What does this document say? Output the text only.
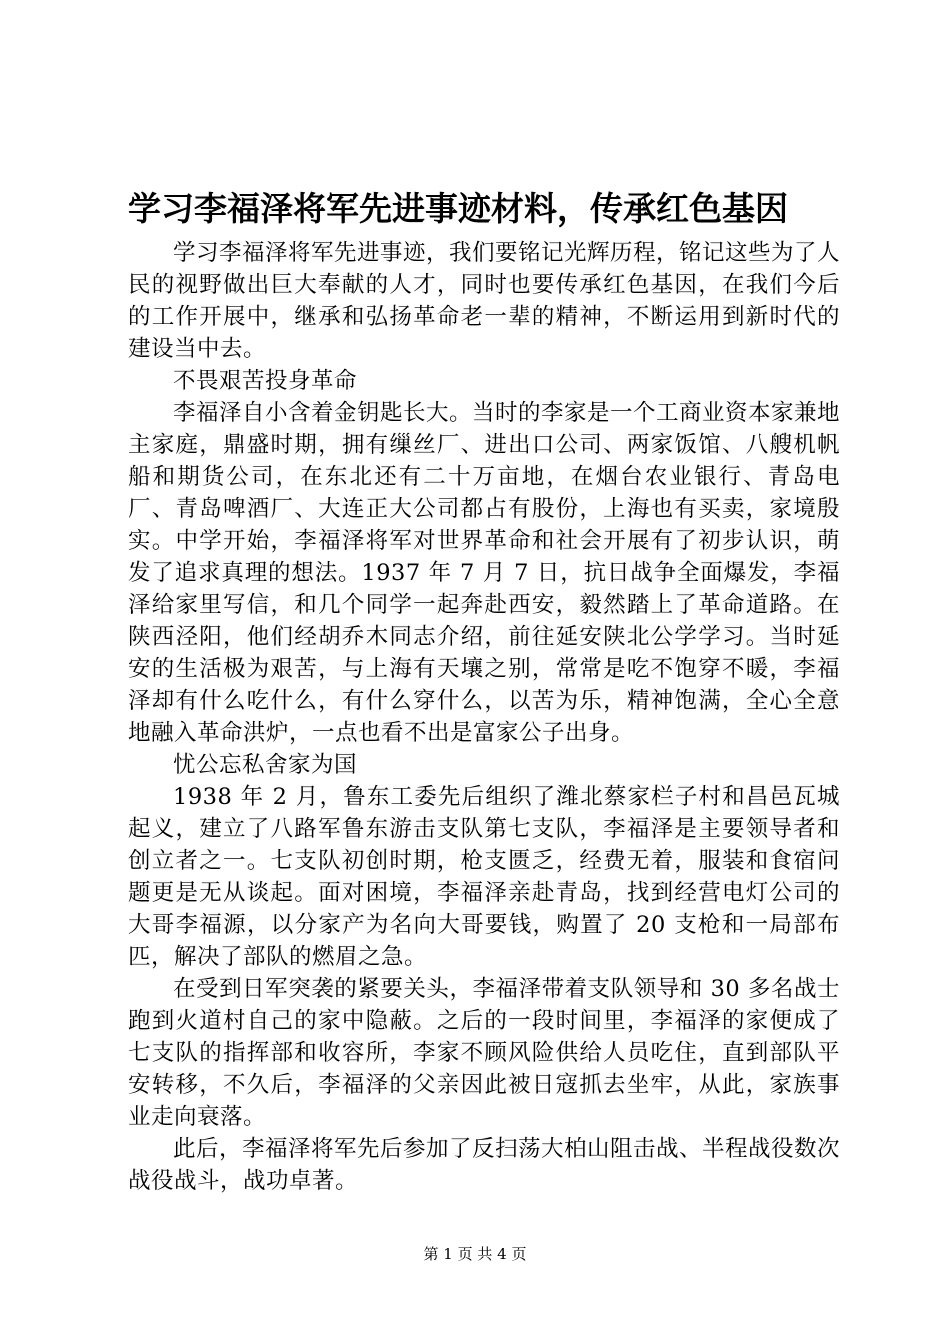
学习李福泽将军先进事迹材料，传承红色基因

学习李福泽将军先进事迹，我们要铭记光辉历程，铭记这些为了人民的视野做出巨大奉献的人才，同时也要传承红色基因，在我们今后的工作开展中，继承和弘扬革命老一辈的精神，不断运用到新时代的建设当中去。

不畏艰苦投身革命

李福泽自小含着金钥匙长大。当时的李家是一个工商业资本家兼地主家庭，鼎盛时期，拥有缫丝厂、进出口公司、两家饭馆、八艘机帆船和期货公司，在东北还有二十万亩地，在烟台农业银行、青岛电厂、青岛啤酒厂、大连正大公司都占有股份，上海也有买卖，家境殷实。中学开始，李福泽将军对世界革命和社会开展有了初步认识，萌发了追求真理的想法。1937 年 7 月 7 日，抗日战争全面爆发，李福泽给家里写信，和几个同学一起奔赴西安，毅然踏上了革命道路。在陕西泾阳，他们经胡乔木同志介绍，前往延安陕北公学学习。当时延安的生活极为艰苦，与上海有天壤之别，常常是吃不饱穿不暖，李福泽却有什么吃什么，有什么穿什么，以苦为乐，精神饱满，全心全意地融入革命洪炉，一点也看不出是富家公子出身。

忧公忘私舍家为国

1938 年 2 月，鲁东工委先后组织了潍北蔡家栏子村和昌邑瓦城起义，建立了八路军鲁东游击支队第七支队，李福泽是主要领导者和创立者之一。七支队初创时期，枪支匮乏，经费无着，服装和食宿问题更是无从谈起。面对困境，李福泽亲赴青岛，找到经营电灯公司的大哥李福源，以分家产为名向大哥要钱，购置了 20 支枪和一局部布匹，解决了部队的燃眉之急。

在受到日军突袭的紧要关头，李福泽带着支队领导和 30 多名战士跑到火道村自己的家中隐蔽。之后的一段时间里，李福泽的家便成了七支队的指挥部和收容所，李家不顾风险供给人员吃住，直到部队平安转移，不久后，李福泽的父亲因此被日寇抓去坐牢，从此，家族事业走向衰落。

此后，李福泽将军先后参加了反扫荡大柏山阻击战、半程战役数次战役战斗，战功卓著。

第 1 页 共 4 页
